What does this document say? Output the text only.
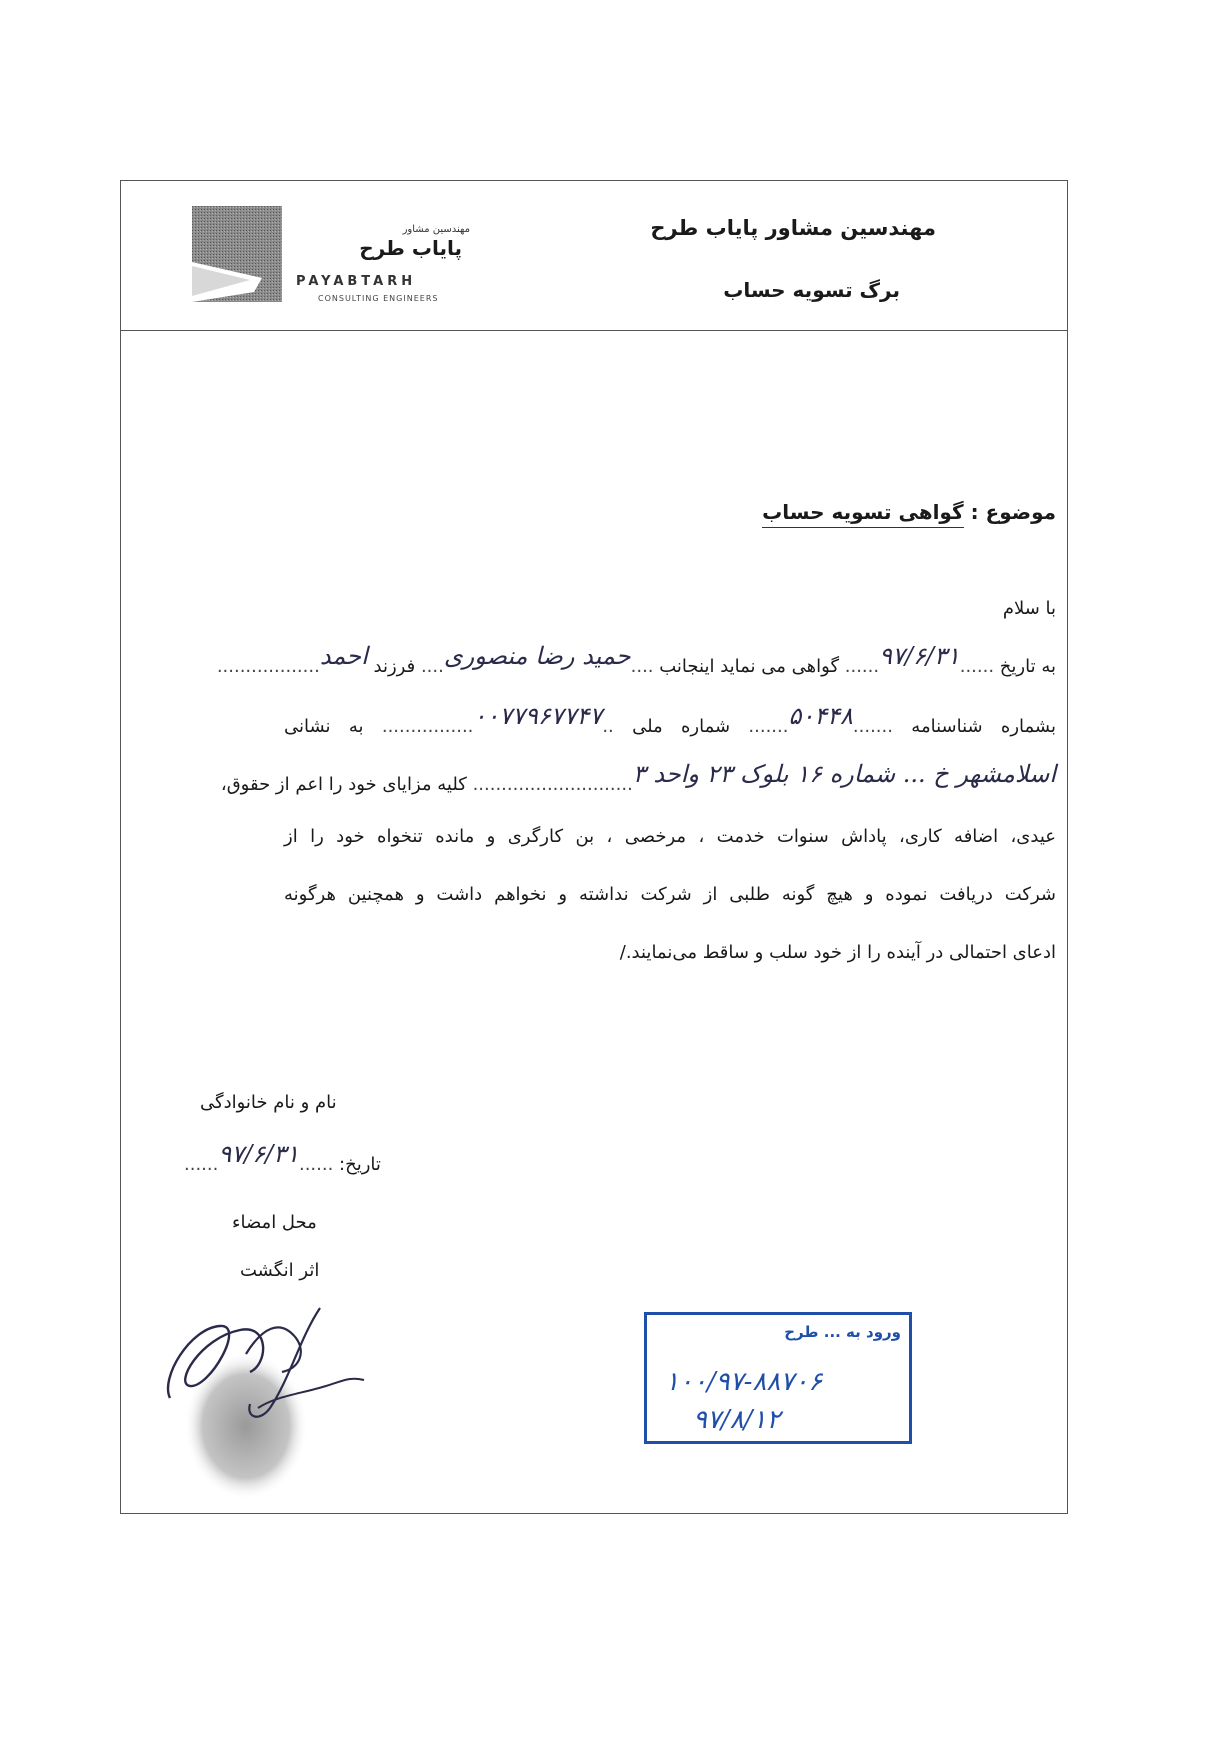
مهندسین مشاور
پایاب طرح
PAYABTARH
CONSULTING ENGINEERS
مهندسین مشاور پایاب طرح
برگ تسویه حساب
موضوع : گواهی تسویه حساب
با سلام
به تاریخ ......۹۷/۶/۳۱...... گواهی می نماید اینجانب ....حمید رضا منصوری.... فرزند احمد..................
بشماره شناسنامه .......۵۰۴۴۸....... شماره ملی ..۰۰۷۷۹۶۷۷۴۷................ به نشانی
اسلامشهر خ ... شماره ۱۶ بلوک ۲۳ واحد ۳............................ کلیه مزایای خود را اعم از حقوق،
عیدی، اضافه کاری، پاداش سنوات خدمت ، مرخصی ، بن کارگری و مانده تنخواه خود را از
شرکت دریافت نموده و هیچ گونه طلبی از شرکت نداشته و نخواهم داشت و همچنین هرگونه
ادعای احتمالی در آینده را از خود سلب و ساقط می‌نمایند./
نام و نام خانوادگی
تاریخ: ......۹۷/۶/۳۱......
محل امضاء
اثر انگشت
ورود به ... طرح
۱۰۰/۹۷-۸۸۷۰۶
۹۷/۸/۱۲
